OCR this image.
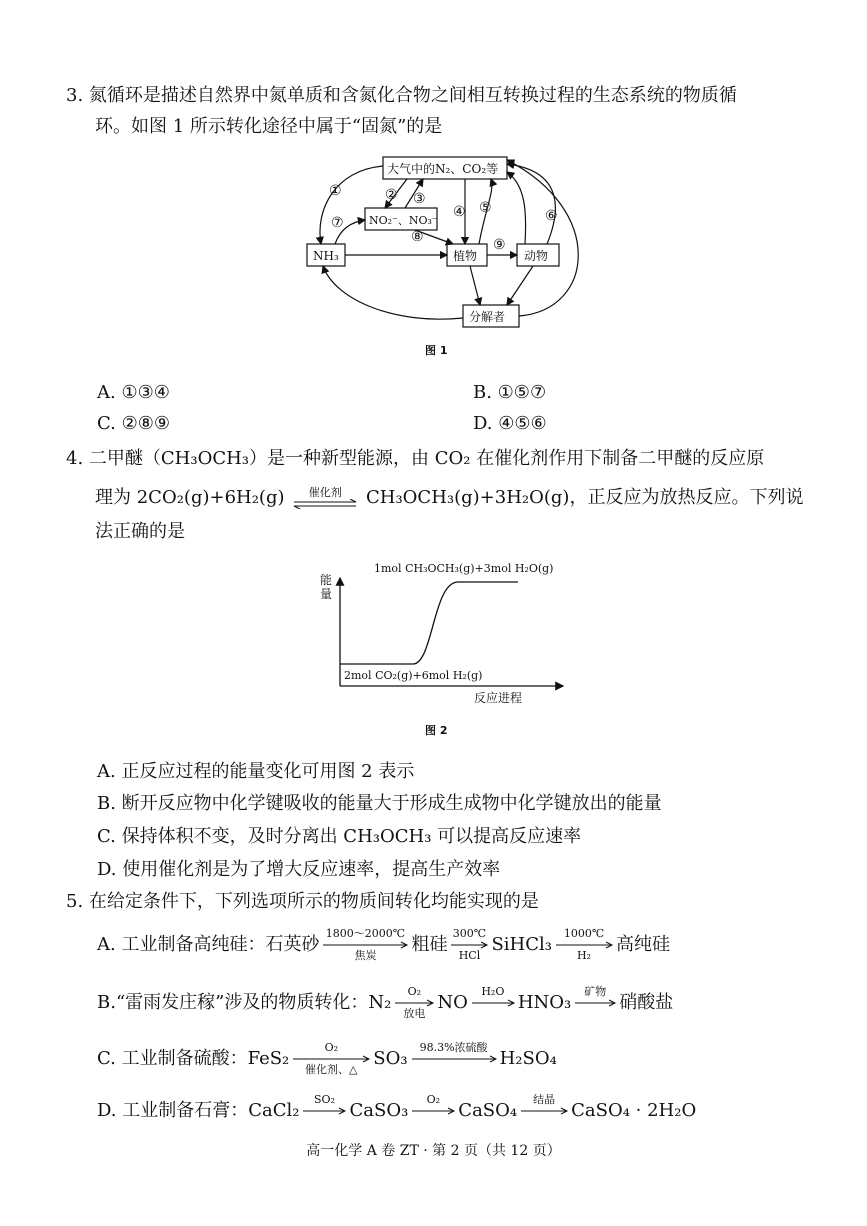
3. 氮循环是描述自然界中氮单质和含氮化合物之间相互转换过程的生态系统的物质循
环。如图 1 所示转化途径中属于“固氮”的是
大气中的N₂、CO₂等
NO₂⁻、NO₃⁻
NH₃	植物	动物
分解者
①	② ③
④ ⑤	⑥
⑦
⑧	⑨
图 1
A. ①③④	B. ①⑤⑦
C. ②⑧⑨	D. ④⑤⑥
4. 二甲醚（CH₃OCH₃）是一种新型能源，由 CO₂ 在催化剂作用下制备二甲醚的反应原
理为 2CO₂(g)+6H₂(g)	催化剂	CH₃OCH₃(g)+3H₂O(g)，正反应为放热反应。下列说
法正确的是
能
量
1mol CH₃OCH₃(g)+3mol H₂O(g)
2mol CO₂(g)+6mol H₂(g)
反应进程
图 2
A. 正反应过程的能量变化可用图 2 表示
B. 断开反应物中化学键吸收的能量大于形成生成物中化学键放出的能量
C. 保持体积不变，及时分离出 CH₃OCH₃ 可以提高反应速率
D. 使用催化剂是为了增大反应速率，提高生产效率
5. 在给定条件下，下列选项所示的物质间转化均能实现的是
A. 工业制备高纯硅：石英砂
1800～2000℃
焦炭
粗硅
300℃
HCl
SiHCl₃
1000℃
H₂
高纯硅
B.“雷雨发庄稼”涉及的物质转化：N₂
O₂
放电
NO
H₂O

HNO₃
矿物

硝酸盐
C. 工业制备硫酸：FeS₂
O₂
催化剂、△
SO₃
98.3%浓硫酸

H₂SO₄
D. 工业制备石膏：CaCl₂
SO₂

CaSO₃
O₂

CaSO₄
结晶

CaSO₄ · 2H₂O
高一化学 A 卷 ZT · 第 2 页（共 12 页）
